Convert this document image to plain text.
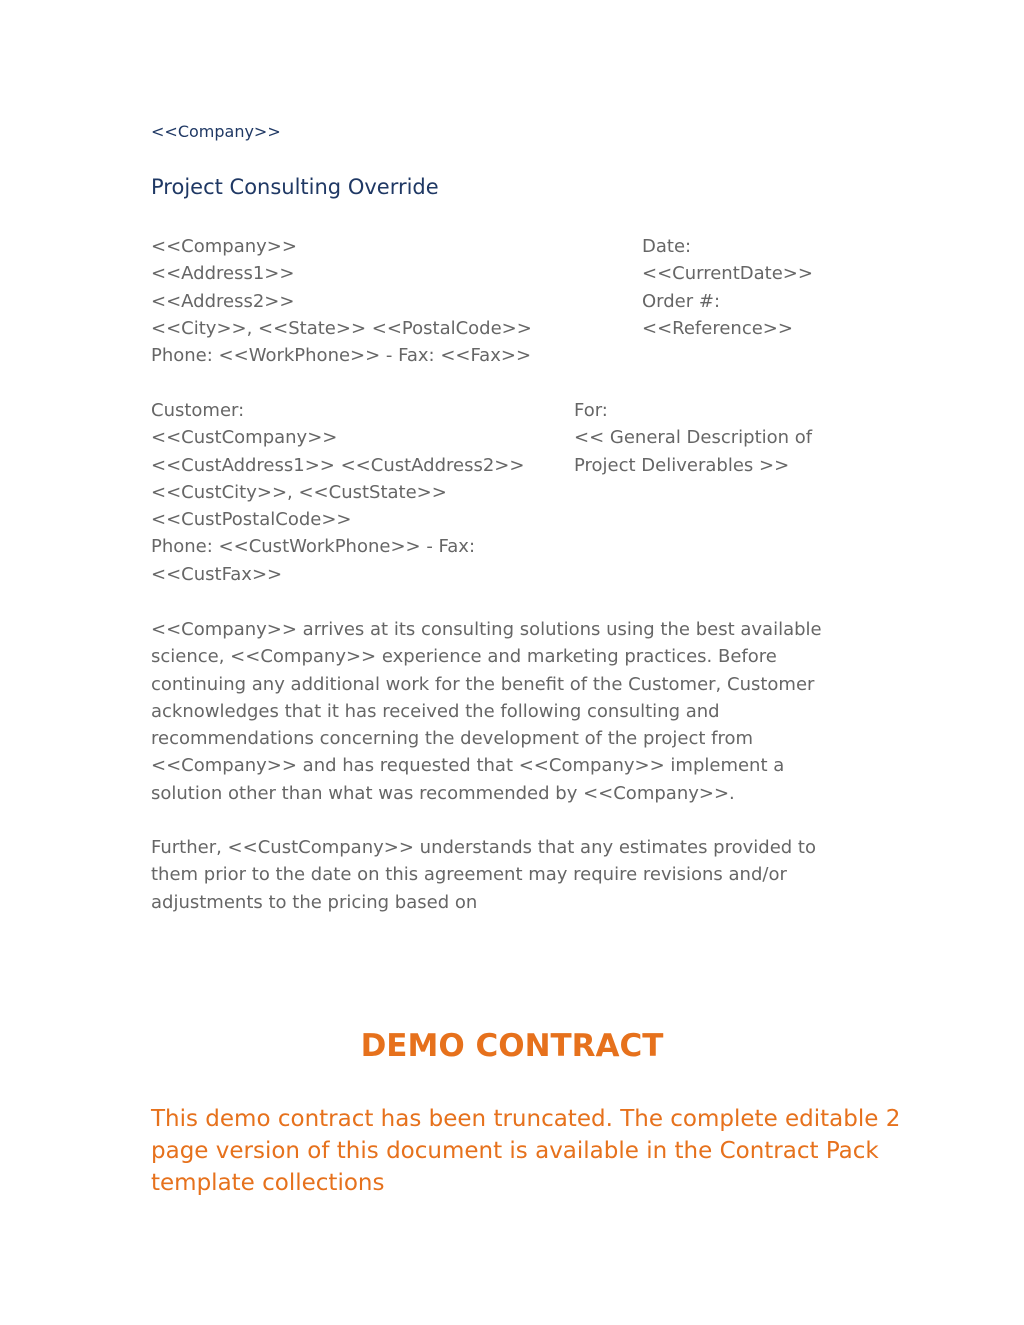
<<Company>>

Project Consulting Override

<<Company>>
<<Address1>>
<<Address2>>
<<City>>, <<State>> <<PostalCode>>
Phone: <<WorkPhone>> - Fax: <<Fax>>
Date:
<<CurrentDate>>
Order #:
<<Reference>>
Customer:
<<CustCompany>>
<<CustAddress1>> <<CustAddress2>>
<<CustCity>>, <<CustState>>
<<CustPostalCode>>
Phone: <<CustWorkPhone>> - Fax:
<<CustFax>>
For:
<< General Description of
Project Deliverables >>
<<Company>> arrives at its consulting solutions using the best available
science, <<Company>> experience and marketing practices. Before
continuing any additional work for the benefit of the Customer, Customer
acknowledges that it has received the following consulting and
recommendations concerning the development of the project from
<<Company>> and has requested that <<Company>> implement a
solution other than what was recommended by <<Company>>.
Further, <<CustCompany>> understands that any estimates provided to
them prior to the date on this agreement may require revisions and/or
adjustments to the pricing based on

DEMO CONTRACT

This demo contract has been truncated. The complete editable 2
page version of this document is available in the Contract Pack
template collections
